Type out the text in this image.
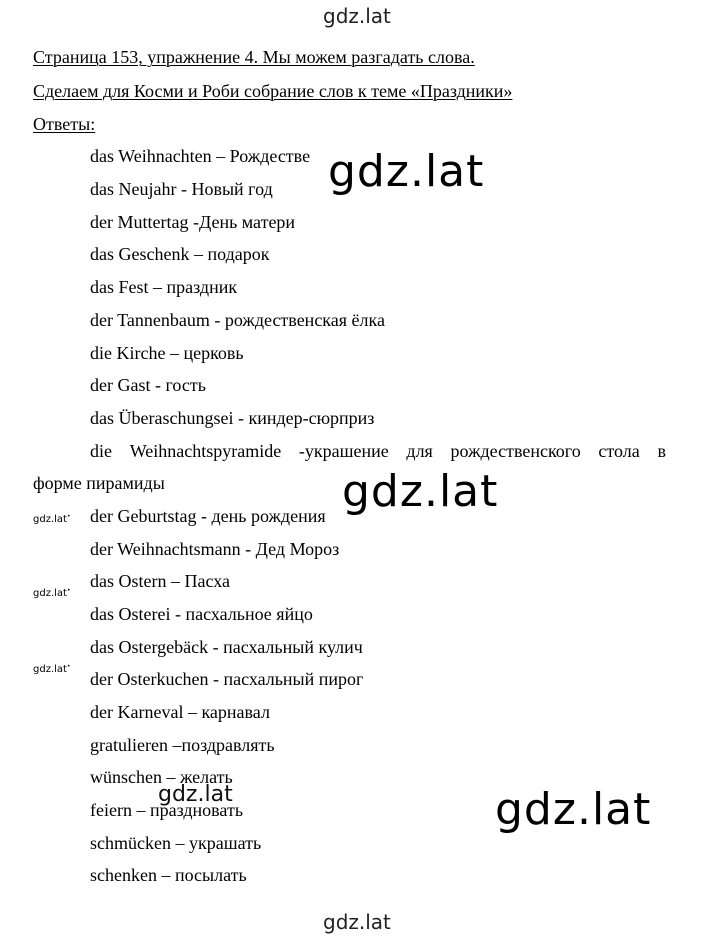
gdz.lat
Страница 153, упражнение 4. Мы можем разгадать слова.
Сделаем для Косми и Роби собрание слов к теме «Праздники»
Ответы:
das Weihnachten – Рождестве
das Neujahr - Новый год
der Muttertag -День матери
das Geschenk – подарок
das Fest – праздник
der Tannenbaum - рождественская ёлка
die Kirche – церковь
der Gast - гость
das Überaschungsei - киндер-сюрприз
die Weihnachtspyramide -украшение для рождественского стола в
форме пирамиды
der Geburtstag - день рождения
der Weihnachtsmann - Дед Мороз
das Ostern – Пасха
das Osterei - пасхальное яйцо
das Ostergebäck - пасхальный кулич
der Osterkuchen - пасхальный пирог
der Karneval – карнавал
gratulieren –поздравлять
wünschen – желать
feiern – праздновать
schmücken – украшать
schenken – посылать
gdz.lat
gdz.lat
gdz.lat
gdz.lat
gdz.lat•
gdz.lat•
gdz.lat•
gdz.lat
